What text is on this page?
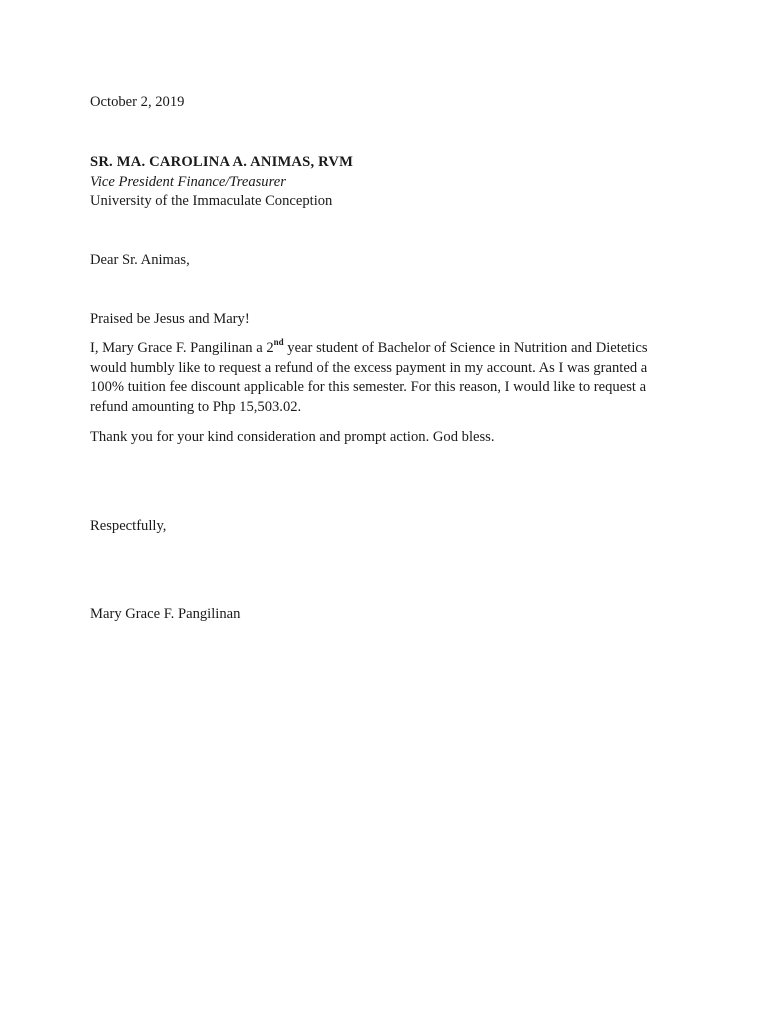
October 2, 2019
SR. MA. CAROLINA A. ANIMAS, RVM
Vice President Finance/Treasurer
University of the Immaculate Conception
Dear Sr. Animas,
Praised be Jesus and Mary!
I, Mary Grace F. Pangilinan a 2nd year student of Bachelor of Science in Nutrition and Dietetics
would humbly like to request a refund of the excess payment in my account. As I was granted a
100% tuition fee discount applicable for this semester. For this reason, I would like to request a
refund amounting to Php 15,503.02.
Thank you for your kind consideration and prompt action. God bless.
Respectfully,
Mary Grace F. Pangilinan
